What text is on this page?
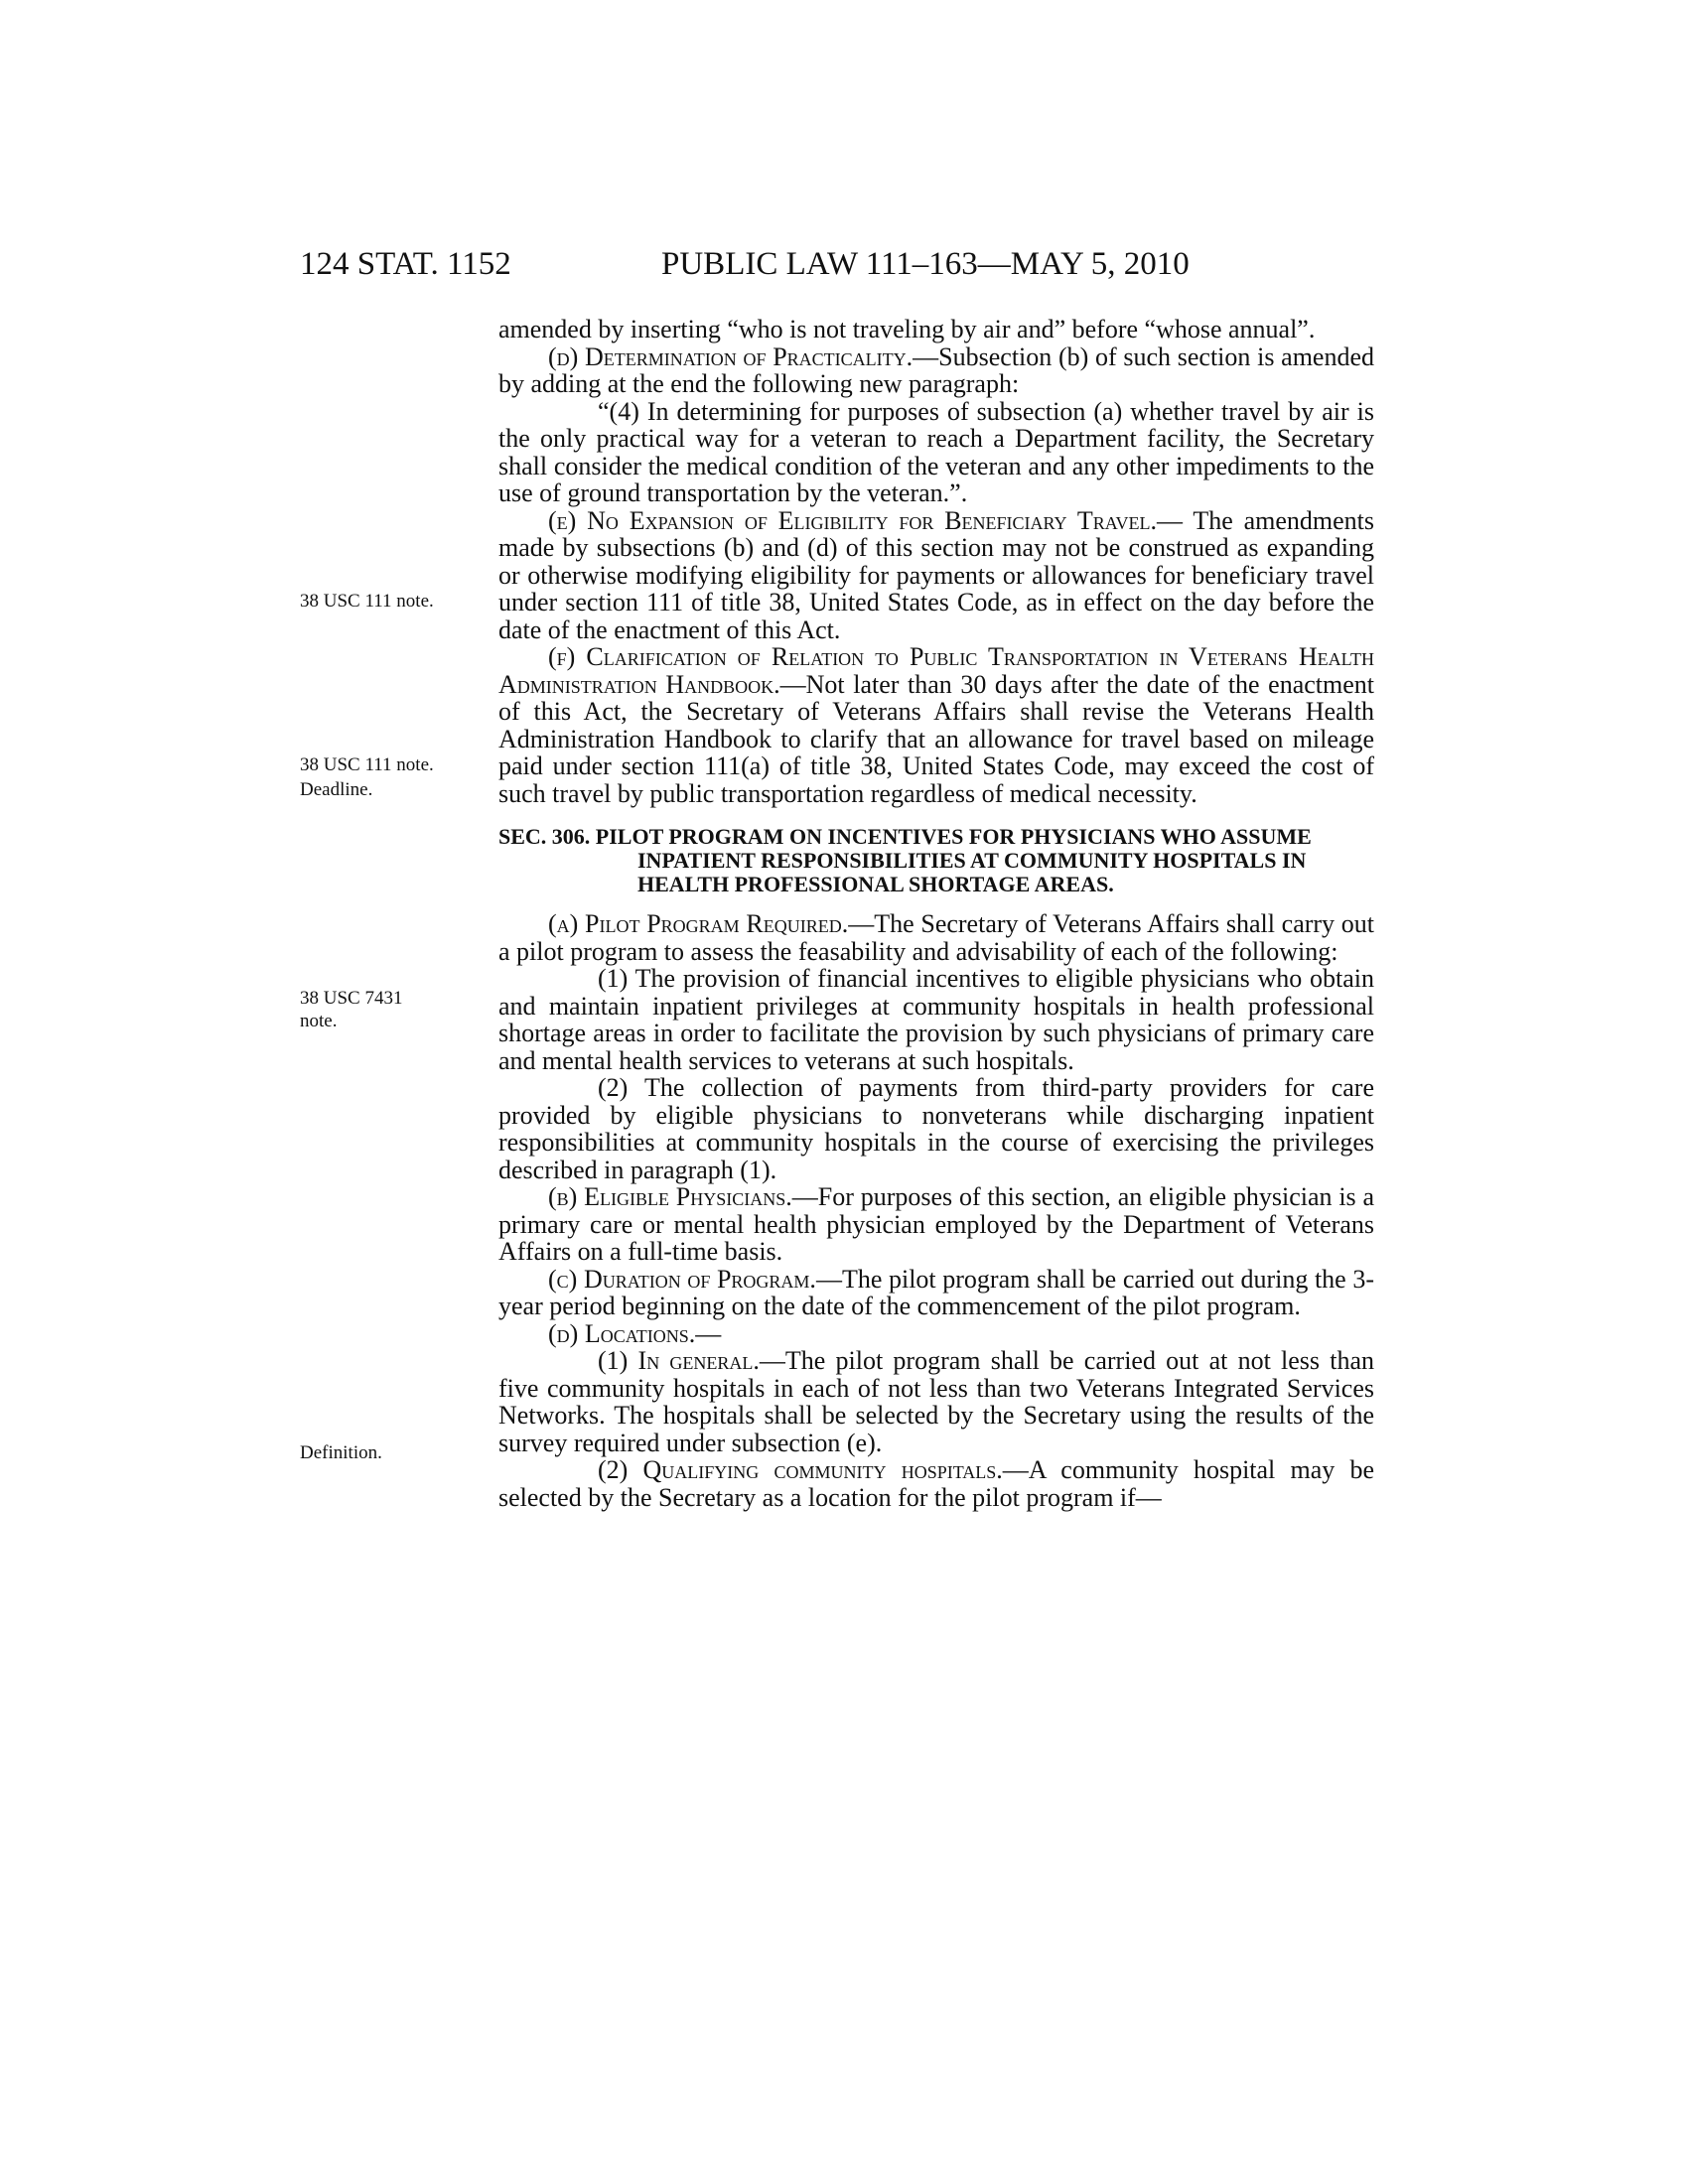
124 STAT. 1152	PUBLIC LAW 111–163—MAY 5, 2010
38 USC 111 note.
38 USC 111 note.
Deadline.
38 USC 7431
note.
Definition.

amended by inserting “who is not traveling by air and” before “whose annual”.

(d) Determination of Practicality.—Subsection (b) of such section is amended by adding at the end the following new paragraph:

“(4) In determining for purposes of subsection (a) whether travel by air is the only practical way for a veteran to reach a Department facility, the Secretary shall consider the medical condition of the veteran and any other impediments to the use of ground transportation by the veteran.”.

(e) No Expansion of Eligibility for Beneficiary Travel.— The amendments made by subsections (b) and (d) of this section may not be construed as expanding or otherwise modifying eligibility for payments or allowances for beneficiary travel under section 111 of title 38, United States Code, as in effect on the day before the date of the enactment of this Act.

(f) Clarification of Relation to Public Transportation in Veterans Health Administration Handbook.—Not later than 30 days after the date of the enactment of this Act, the Secretary of Veterans Affairs shall revise the Veterans Health Administration Handbook to clarify that an allowance for travel based on mileage paid under section 111(a) of title 38, United States Code, may exceed the cost of such travel by public transportation regardless of medical necessity.

SEC. 306. PILOT PROGRAM ON INCENTIVES FOR PHYSICIANS WHO ASSUME INPATIENT RESPONSIBILITIES AT COMMUNITY HOSPITALS IN HEALTH PROFESSIONAL SHORTAGE AREAS.

(a) Pilot Program Required.—The Secretary of Veterans Affairs shall carry out a pilot program to assess the feasability and advisability of each of the following:

(1) The provision of financial incentives to eligible physicians who obtain and maintain inpatient privileges at community hospitals in health professional shortage areas in order to facilitate the provision by such physicians of primary care and mental health services to veterans at such hospitals.

(2) The collection of payments from third-party providers for care provided by eligible physicians to nonveterans while discharging inpatient responsibilities at community hospitals in the course of exercising the privileges described in paragraph (1).

(b) Eligible Physicians.—For purposes of this section, an eligible physician is a primary care or mental health physician employed by the Department of Veterans Affairs on a full-time basis.

(c) Duration of Program.—The pilot program shall be carried out during the 3-year period beginning on the date of the commencement of the pilot program.

(d) Locations.—

(1) In general.—The pilot program shall be carried out at not less than five community hospitals in each of not less than two Veterans Integrated Services Networks. The hospitals shall be selected by the Secretary using the results of the survey required under subsection (e).

(2) Qualifying community hospitals.—A community hospital may be selected by the Secretary as a location for the pilot program if—
